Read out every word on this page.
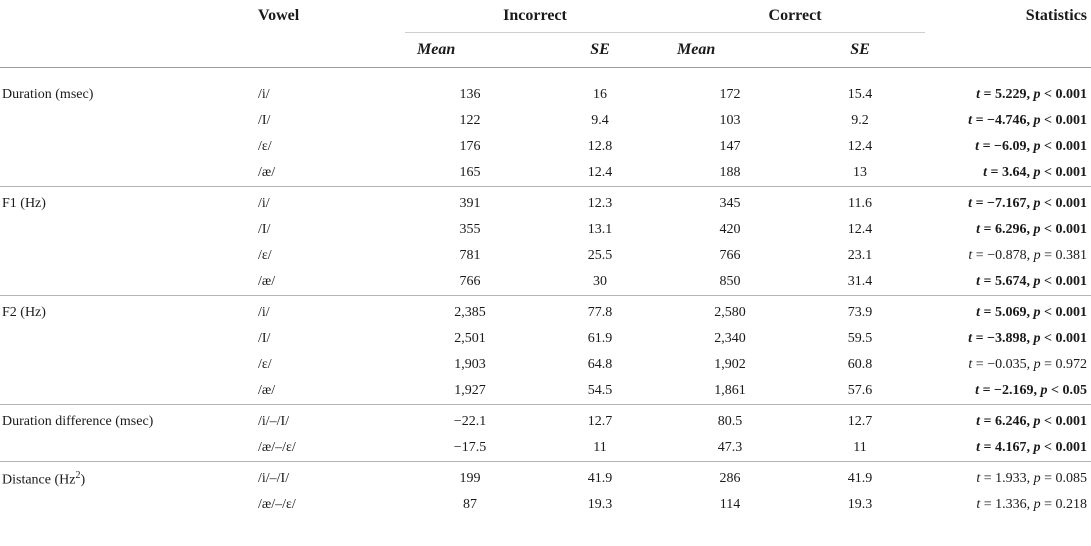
	Vowel	Incorrect		Correct		Statistics
		Mean	SE	Mean	SE	

Duration (msec)	/i/	136	16	172	15.4	t = 5.229, p < 0.001
	/I/	122	9.4	103	9.2	t = −4.746, p < 0.001
	/ε/	176	12.8	147	12.4	t = −6.09, p < 0.001
	/æ/	165	12.4	188	13	t = 3.64, p < 0.001
F1 (Hz)	/i/	391	12.3	345	11.6	t = −7.167, p < 0.001
	/I/	355	13.1	420	12.4	t = 6.296, p < 0.001
	/ε/	781	25.5	766	23.1	t = −0.878, p = 0.381
	/æ/	766	30	850	31.4	t = 5.674, p < 0.001
F2 (Hz)	/i/	2,385	77.8	2,580	73.9	t = 5.069, p < 0.001
	/I/	2,501	61.9	2,340	59.5	t = −3.898, p < 0.001
	/ε/	1,903	64.8	1,902	60.8	t = −0.035, p = 0.972
	/æ/	1,927	54.5	1,861	57.6	t = −2.169, p < 0.05
Duration difference (msec)	/i/–/I/	−22.1	12.7	80.5	12.7	t = 6.246, p < 0.001
	/æ/–/ε/	−17.5	11	47.3	11	t = 4.167, p < 0.001
Distance (Hz$^2$)	/i/–/I/	199	41.9	286	41.9	t = 1.933, p = 0.085
	/æ/–/ε/	87	19.3	114	19.3	t = 1.336, p = 0.218
